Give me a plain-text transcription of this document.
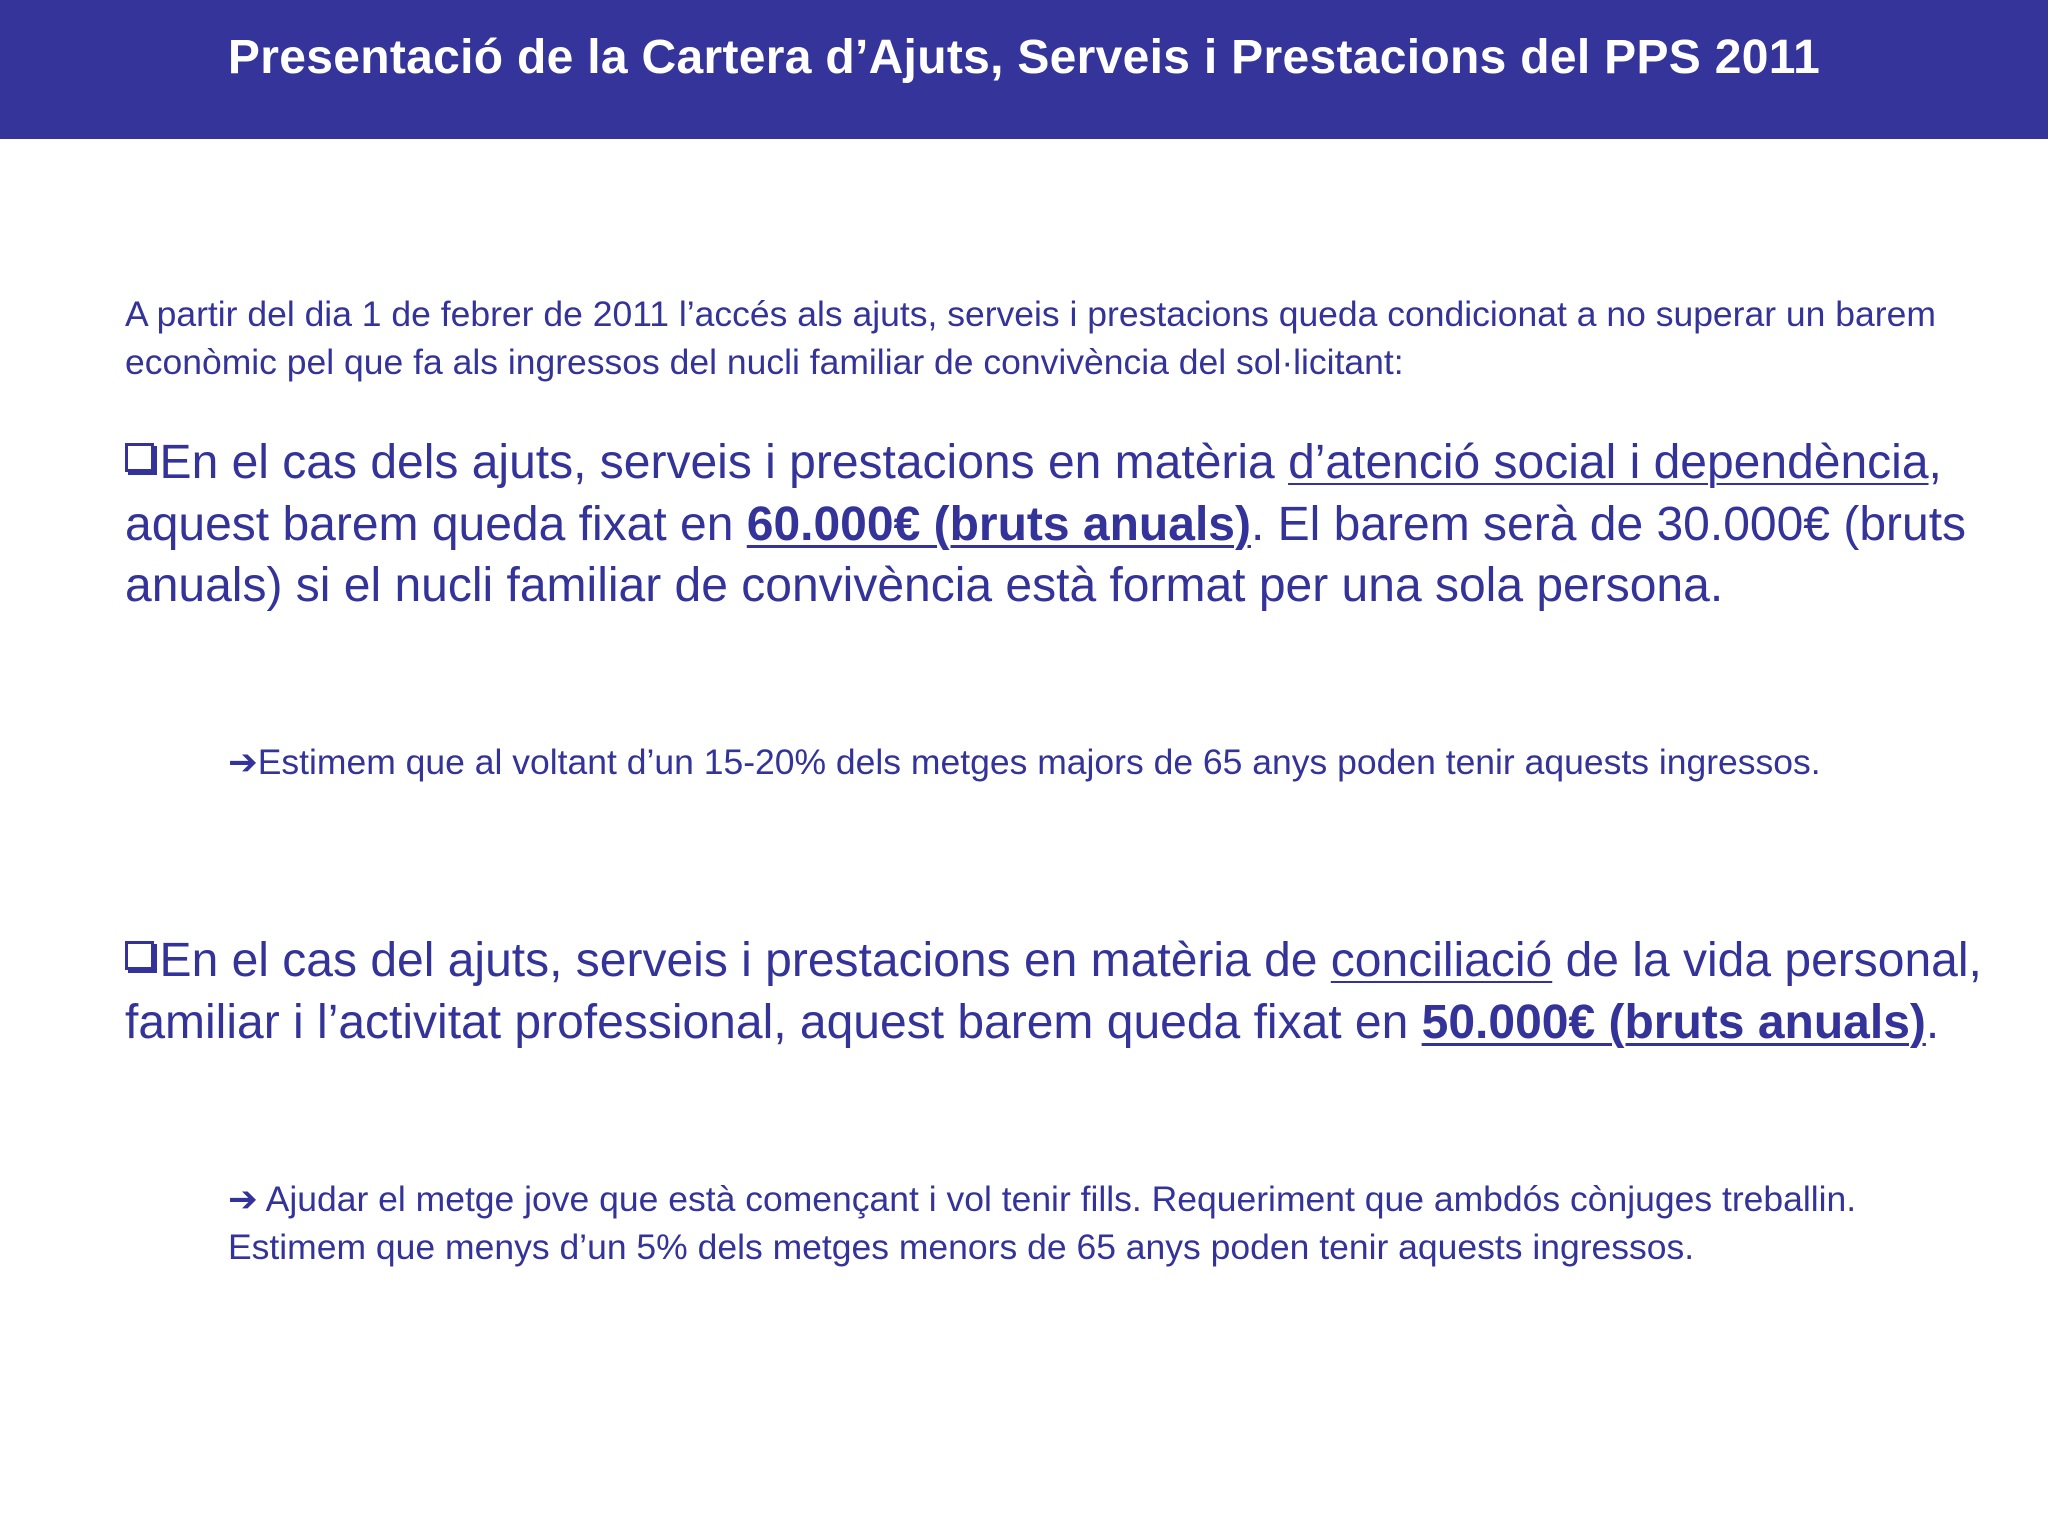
Presentació de la Cartera d’Ajuts, Serveis i Prestacions del PPS 2011

A partir del dia 1 de febrer de 2011 l’accés als ajuts, serveis i prestacions queda condicionat a no superar un barem econòmic pel que fa als ingressos del nucli familiar de convivència del sol·licitant:

En el cas dels ajuts, serveis i prestacions en matèria d’atenció social i dependència, aquest barem queda fixat en 60.000€ (bruts anuals). El barem serà de 30.000€ (bruts anuals) si el nucli familiar de convivència està format per una sola persona.

➔Estimem que al voltant d’un 15-20% dels metges majors de 65 anys poden tenir aquests ingressos.

En el cas del ajuts, serveis i prestacions en matèria de conciliació de la vida personal, familiar i l’activitat professional, aquest barem queda fixat en 50.000€ (bruts anuals).

➔ Ajudar el metge jove que està començant i vol tenir fills. Requeriment que ambdós cònjuges treballin. Estimem que menys d’un 5% dels metges menors de 65 anys poden tenir aquests ingressos.
